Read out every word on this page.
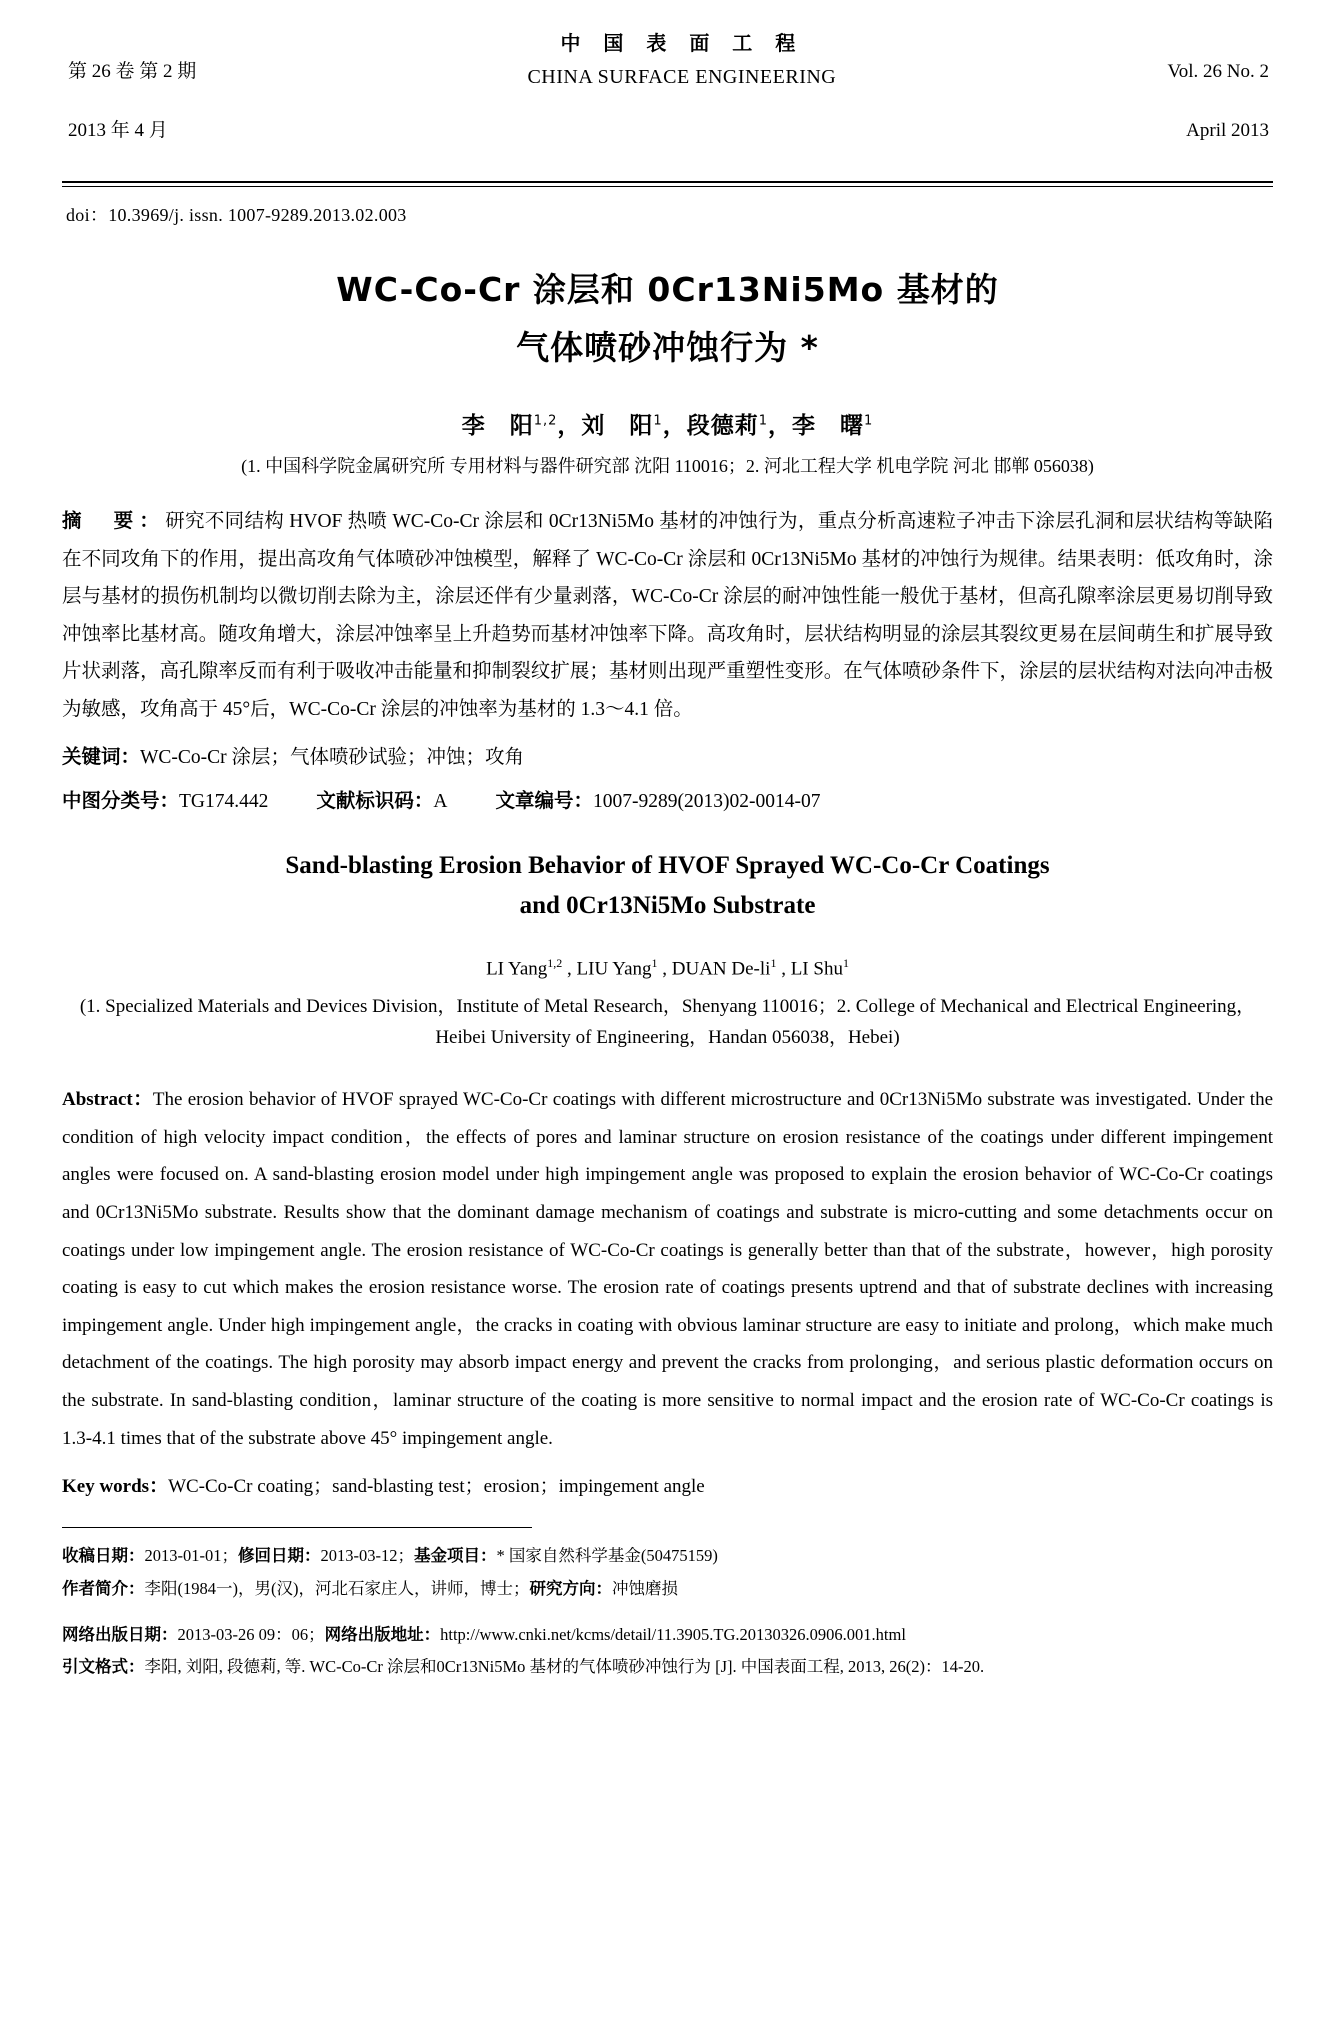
第 26 卷 第 2 期

2013 年 4 月

中 国 表 面 工 程
CHINA SURFACE ENGINEERING	Vol. 26 No. 2

April 2013

doi：10.3969/j. issn. 1007-9289.2013.02.003
WC-Co-Cr 涂层和 0Cr13Ni5Mo 基材的
气体喷砂冲蚀行为 *
李　阳$^{1,2}$，刘　阳$^1$，段德莉$^1$，李　曙$^1$
(1. 中国科学院金属研究所 专用材料与器件研究部 沈阳 110016；2. 河北工程大学 机电学院 河北 邯郸 056038)
摘　要：研究不同结构 HVOF 热喷 WC-Co-Cr 涂层和 0Cr13Ni5Mo 基材的冲蚀行为，重点分析高速粒子冲击下涂层孔洞和层状结构等缺陷在不同攻角下的作用，提出高攻角气体喷砂冲蚀模型，解释了 WC-Co-Cr 涂层和 0Cr13Ni5Mo 基材的冲蚀行为规律。结果表明：低攻角时，涂层与基材的损伤机制均以微切削去除为主，涂层还伴有少量剥落，WC-Co-Cr 涂层的耐冲蚀性能一般优于基材，但高孔隙率涂层更易切削导致冲蚀率比基材高。随攻角增大，涂层冲蚀率呈上升趋势而基材冲蚀率下降。高攻角时，层状结构明显的涂层其裂纹更易在层间萌生和扩展导致片状剥落，高孔隙率反而有利于吸收冲击能量和抑制裂纹扩展；基材则出现严重塑性变形。在气体喷砂条件下，涂层的层状结构对法向冲击极为敏感，攻角高于 45°后，WC-Co-Cr 涂层的冲蚀率为基材的 1.3～4.1 倍。
关键词：WC-Co-Cr 涂层；气体喷砂试验；冲蚀；攻角
中图分类号：TG174.442 文献标识码：A 文章编号：1007-9289(2013)02-0014-07
Sand-blasting Erosion Behavior of HVOF Sprayed WC-Co-Cr Coatings
and 0Cr13Ni5Mo Substrate
LI Yang$^{1,2}$ , LIU Yang$^1$ , DUAN $De-li^1$ , LI Shu$^1$
(1. Specialized Materials and Devices Division，Institute of Metal Research，Shenyang 110016；2. College of Mechanical and Electrical Engineering，Heibei University of Engineering，Handan 056038，Hebei)
Abstract：The erosion behavior of HVOF sprayed WC-Co-Cr coatings with different microstructure and 0Cr13Ni5Mo substrate was investigated. Under the condition of high velocity impact condition，the effects of pores and laminar structure on erosion resistance of the coatings under different impingement angles were focused on. A sand-blasting erosion model under high impingement angle was proposed to explain the erosion behavior of WC-Co-Cr coatings and 0Cr13Ni5Mo substrate. Results show that the dominant damage mechanism of coatings and substrate is micro-cutting and some detachments occur on coatings under low impingement angle. The erosion resistance of WC-Co-Cr coatings is generally better than that of the substrate，however，high porosity coating is easy to cut which makes the erosion resistance worse. The erosion rate of coatings presents uptrend and that of substrate declines with increasing impingement angle. Under high impingement angle，the cracks in coating with obvious laminar structure are easy to initiate and prolong，which make much detachment of the coatings. The high porosity may absorb impact energy and prevent the cracks from prolonging，and serious plastic deformation occurs on the substrate. In sand-blasting condition，laminar structure of the coating is more sensitive to normal impact and the erosion rate of WC-Co-Cr coatings is 1.3-4.1 times that of the substrate above 45° impingement angle.
Key words：WC-Co-Cr coating；sand-blasting test；erosion；impingement angle
收稿日期：2013-01-01；修回日期：2013-03-12；基金项目：* 国家自然科学基金(50475159)
作者简介：李阳(1984一)，男(汉)，河北石家庄人，讲师，博士；研究方向：冲蚀磨损
网络出版日期：2013-03-26 09：06；网络出版地址：http://www.cnki.net/kcms/detail/11.3905.TG.20130326.0906.001.html
引文格式：李阳, 刘阳, 段德莉, 等. WC-Co-Cr 涂层和0Cr13Ni5Mo 基材的气体喷砂冲蚀行为 [J]. 中国表面工程, 2013, 26(2)：14-20.
